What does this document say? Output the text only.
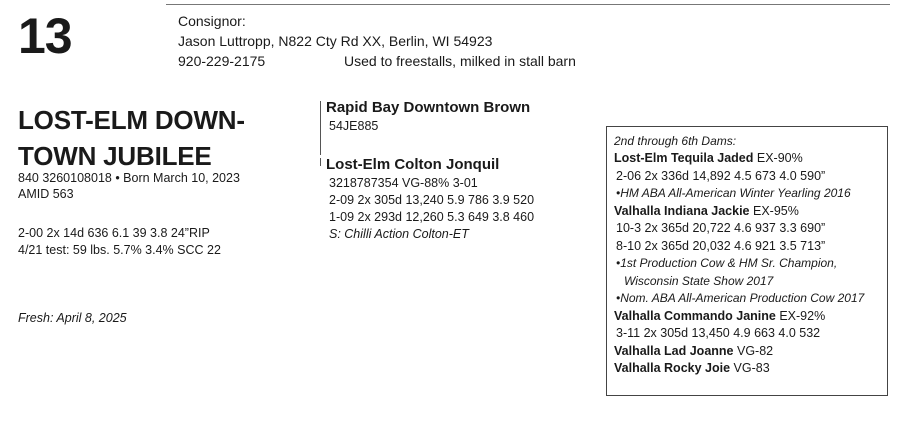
13	Consignor:
Jason Luttropp, N822 Cty Rd XX, Berlin, WI 54923
920-229-2175	Used to freestalls, milked in stall barn
LOST-ELM DOWN-
TOWN JUBILEE
840 3260108018 • Born March 10, 2023
AMID 563
2-00 2x 14d 636 6.1 39 3.8 24”RIP
4/21 test: 59 lbs. 5.7% 3.4% SCC 22
Fresh: April 8, 2025
Rapid Bay Downtown Brown
54JE885
Lost-Elm Colton Jonquil
3218787354 VG-88% 3-01
2-09 2x 305d 13,240 5.9 786 3.9 520
1-09 2x 293d 12,260 5.3 649 3.8 460
S: Chilli Action Colton-ET
2nd through 6th Dams:
Lost-Elm Tequila Jaded EX-90%
2-06 2x 336d 14,892 4.5 673 4.0 590”
•HM ABA All-American Winter Yearling 2016
Valhalla Indiana Jackie EX-95%
10-3 2x 365d 20,722 4.6 937 3.3 690”
8-10 2x 365d 20,032 4.6 921 3.5 713”
•1st Production Cow & HM Sr. Champion,
Wisconsin State Show 2017
•Nom. ABA All-American Production Cow 2017
Valhalla Commando Janine EX-92%
3-11 2x 305d 13,450 4.9 663 4.0 532
Valhalla Lad Joanne VG-82
Valhalla Rocky Joie VG-83
